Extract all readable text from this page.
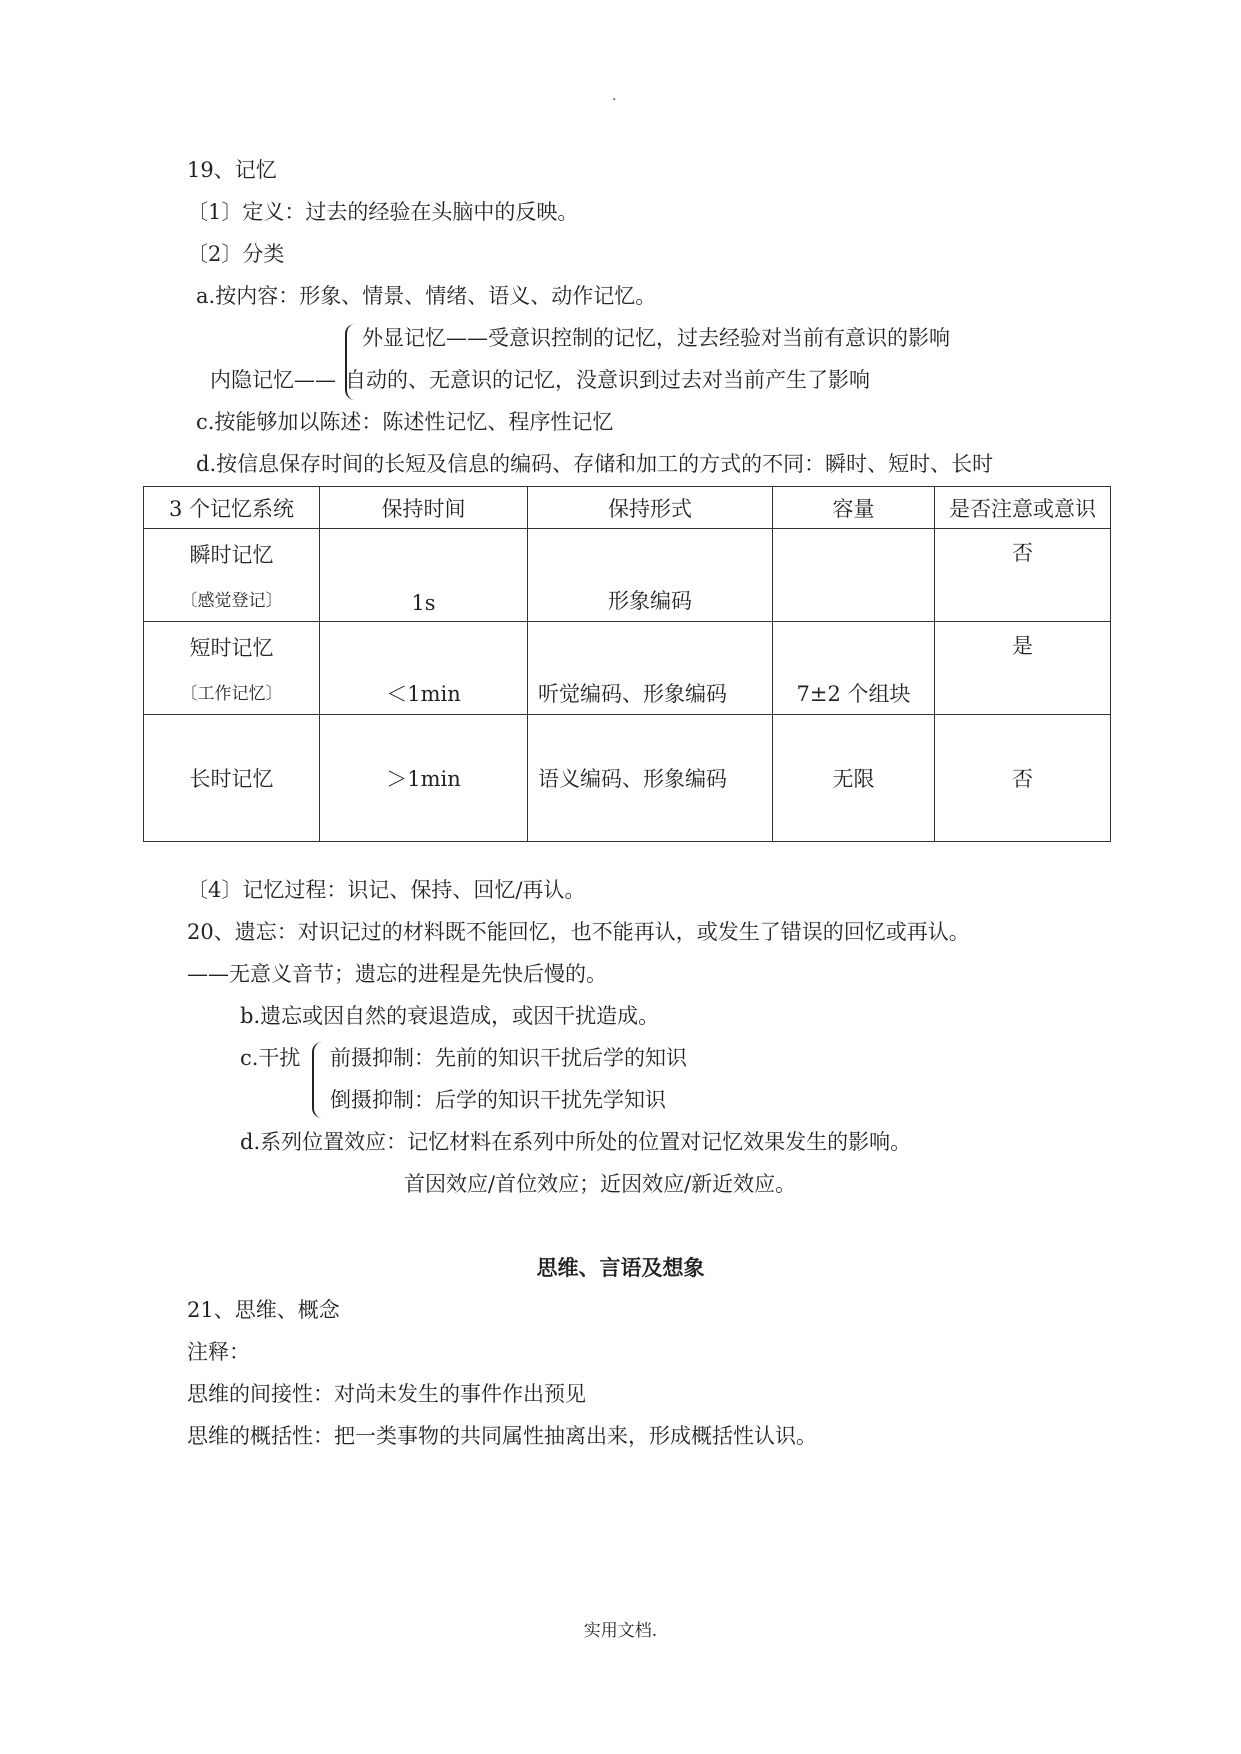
.
19、记忆
〔1〕定义：过去的经验在头脑中的反映。
〔2〕分类
a.按内容：形象、情景、情绪、语义、动作记忆。
外显记忆——受意识控制的记忆，过去经验对当前有意识的影响
内隐记忆—— 自动的、无意识的记忆，没意识到过去对当前产生了影响
c.按能够加以陈述：陈述性记忆、程序性记忆
d.按信息保存时间的长短及信息的编码、存储和加工的方式的不同：瞬时、短时、长时
3 个记忆系统	保持时间	保持形式	容量	是否注意或意识

瞬时记忆
〔感觉登记〕	1s	形象编码		否

短时记忆
〔工作记忆〕	＜1min	听觉编码、形象编码	7±2 个组块	是
长时记忆	＞1min	语义编码、形象编码	无限	否
〔4〕记忆过程：识记、保持、回忆/再认。
20、遗忘：对识记过的材料既不能回忆，也不能再认，或发生了错误的回忆或再认。
——无意义音节；遗忘的进程是先快后慢的。
b.遗忘或因自然的衰退造成，或因干扰造成。
c.干扰 前摄抑制：先前的知识干扰后学的知识
倒摄抑制：后学的知识干扰先学知识
d.系列位置效应：记忆材料在系列中所处的位置对记忆效果发生的影响。
首因效应/首位效应；近因效应/新近效应。
思维、言语及想象
21、思维、概念
注释：
思维的间接性：对尚未发生的事件作出预见
思维的概括性：把一类事物的共同属性抽离出来，形成概括性认识。
实用文档.
